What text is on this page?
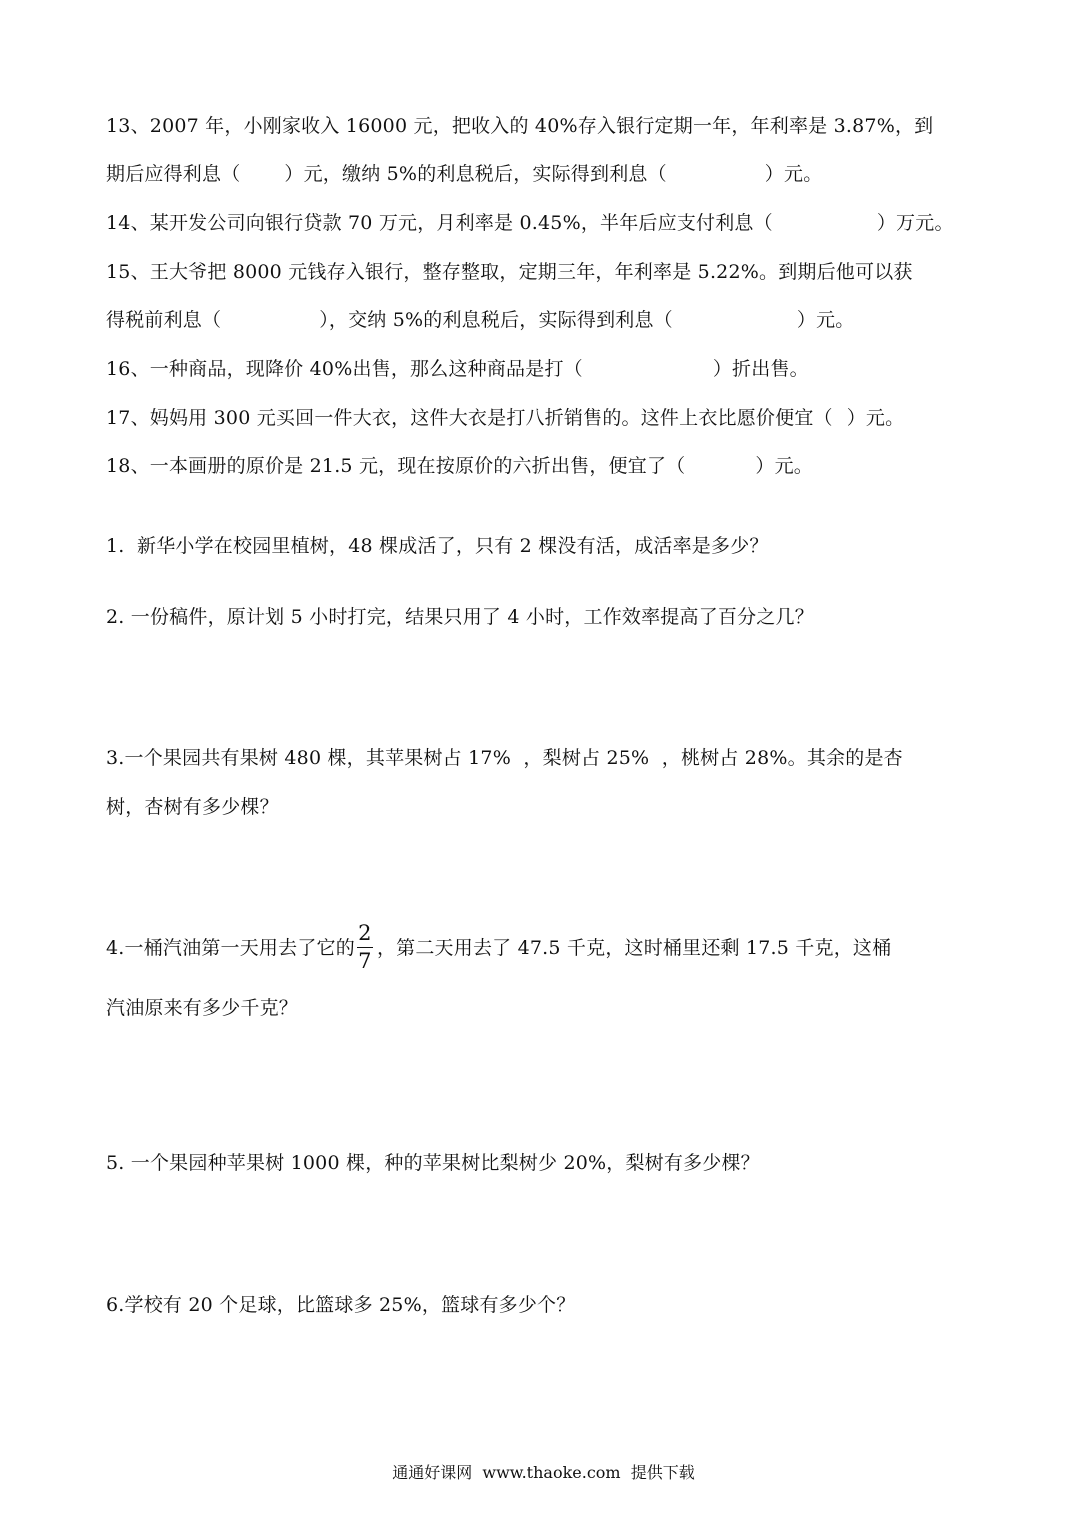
13、2007 年，小刚家收入 16000 元，把收入的 40%存入银行定期一年，年利率是 3.87%，到
期后应得利息（ ）元，缴纳 5%的利息税后，实际得到利息（	）元。
14、某开发公司向银行贷款 70 万元，月利率是 0.45%，半年后应支付利息（	）万元。
15、王大爷把 8000 元钱存入银行，整存整取，定期三年，年利率是 5.22%。到期后他可以获
得税前利息（	），交纳 5%的利息税后，实际得到利息（	）元。
16、一种商品，现降价 40%出售，那么这种商品是打（	）折出售。
17、妈妈用 300 元买回一件大衣，这件大衣是打八折销售的。这件上衣比愿价便宜（ ）元。
18、一本画册的原价是 21.5 元，现在按原价的六折出售，便宜了（	）元。
1.  新华小学在校园里植树，48 棵成活了，只有 2 棵没有活，成活率是多少？
2. 一份稿件，原计划 5 小时打完，结果只用了 4 小时，工作效率提高了百分之几？
3.一个果园共有果树 480 棵，其苹果树占 17%  ，梨树占 25%  ，桃树占 28%。其余的是杏
树，杏树有多少棵？
4.一桶汽油第一天用去了它的 $\frac{2}{7}$ ，第二天用去了 47.5 千克，这时桶里还剩 17.5 千克，这桶
汽油原来有多少千克？
5. 一个果园种苹果树 1000 棵，种的苹果树比梨树少 20%，梨树有多少棵？
6.学校有 20 个足球，比篮球多 25%，篮球有多少个？
通通好课网  www.thaoke.com  提供下载
